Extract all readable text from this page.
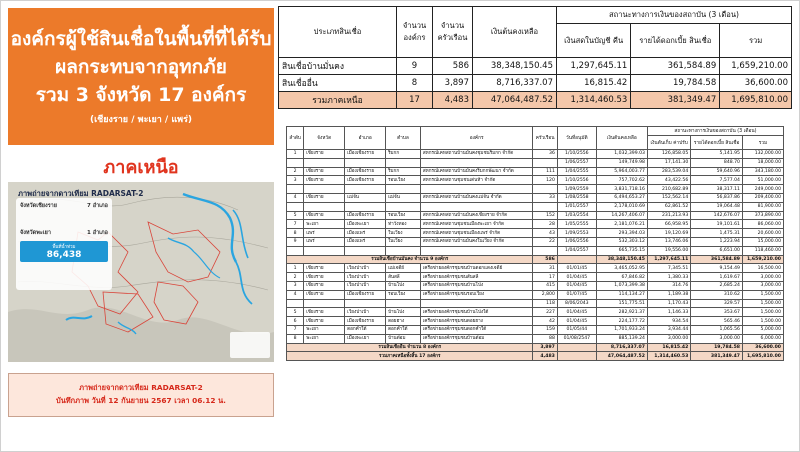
องค์กรผู้ใช้สินเชื่อในพื้นที่ที่ได้รับ
ผลกระทบจากอุทกภัย
รวม 3 จังหวัด 17 องค์กร
(เชียงราย / พะเยา / แพร่)
ภาคเหนือ
ภาพถ่ายจากดาวเทียม RADARSAT-2
จังหวัดเชียงราย	7 อำเภอ

จังหวัดพะเยา	1 อำเภอ
พื้นที่น้ำท่วม
86,438
ภาพถ่ายจากดาวเทียม RADARSAT-2
บันทึกภาพ วันที่ 12 กันยายน 2567 เวลา 06.12 น.
ประเภทสินเชื่อ	จำนวนองค์กร	จำนวนครัวเรือน	เงินต้นคงเหลือ	สถานะทางการเงินของสถาบัน (3 เดือน)		
				เงินสดในบัญชี คืน	รายได้ดอกเบี้ย สินเชื่อ	รวม
สินเชื่อบ้านมั่นคง	9	586	38,348,150.45	1,297,645.11	361,584.89	1,659,210.00
สินเชื่ออื่น	8	3,897	8,716,337.07	16,815.42	19,784.58	36,600.00
รวมภาคเหนือ	17	4,483	47,064,487.52	1,314,460.53	381,349.47	1,695,810.00
ลำดับ	จังหวัด	อำเภอ	ตำบล	องค์กร	ครัวเรือน	วันที่อนุมัติ	เงินต้นคงเหลือ	สถานะทางการเงินของสถาบัน (3 เดือน)		
								เงินต้นเก็บ ค่าปรับ	รายได้ดอกเบี้ย สินเชื่อ	รวม
1	เชียงราย	เมืองเชียงราย	ริมกก	สหกรณ์เคหสถานบ้านมั่นคงชุมชนริมกก จำกัด	36	1/10/2556	1,032,399.03	126,858.05	5,141.95	132,000.00
						1/06/2557	149,749.98	17,141.30	848.70	18,000.00
2	เชียงราย	เมืองเชียงราย	ริมกก	สหกรณ์เคหสถานบ้านมั่นคงริมกกพัฒนา จำกัด	111	1/04/2555	5,964,003.77	283,539.04	59,640.96	343,180.00
3	เชียงราย	เมืองเชียงราย	รอบเวียง	สหกรณ์เคหสถานชุมชนเด่นห้า จำกัด	120	1/10/2556	757,702.62	43,422.56	7,577.04	51,000.00
						1/09/2559	3,831,718.16	210,682.89	38,317.11	249,000.00
4	เชียงราย	แม่จัน	แม่จัน	สหกรณ์เคหสถานบ้านมั่นคงแม่จัน จำกัด	33	1/08/2558	6,494,653.27	152,562.14	56,837.86	209,400.00
						1/01/2557	2,178,010.69	62,861.52	19,064.48	81,900.00
5	เชียงราย	เมืองเชียงราย	รอบเวียง	สหกรณ์เคหสถานบ้านมั่นคงเชียงราย จำกัด	152	1/03/2554	14,267,406.07	231,213.93	142,676.07	373,890.00
7	พะเยา	เมืองพะเยา	ท่าวังทอง	สหกรณ์เคหสถานชุมชนเมืองพะเยา จำกัด	28	1/05/2555	2,181,076.21	66,958.95	19,101.61	86,060.00
8	แพร่	เมืองแพร่	ในเวียง	สหกรณ์เคหสถานชุมชนเมืองแพร่ จำกัด	43	1/09/2553	293,394.03	19,120.69	1,475.31	20,600.00
9	แพร่	เมืองแพร่	ในเวียง	สหกรณ์เคหสถานบ้านมั่นคงในเวียง จำกัด	22	1/06/2556	532,303.12	13,746.06	1,223.94	15,000.00
						1/04/2557	665,735.15	19,556.00	6,651.00	118,460.00
รวมสินเชื่อบ้านมั่นคง จำนวน 9 องค์กร					586		38,348,150.45	1,297,645.11	361,584.89	1,659,210.00
1	เชียงราย	เวียงป่าเป้า	แม่เจดีย์	เครือข่ายองค์กรชุมชนบ้านดอกแดงเจดีย์	31	01/01/45	3,465,052.95	7,345.51	9,154.49	16,500.00
2	เชียงราย	เวียงป่าเป้า	สันสลี	เครือข่ายองค์กรชุมชนสันสลี	17	01/04/45	67,846.82	1,380.33	1,619.67	3,000.00
3	เชียงราย	เวียงป่าเป้า	บ้านโป่ง	เครือข่ายองค์กรชุมชนบ้านโป่ง	415	01/04/45	1,073,399.38	314.76	2,685.24	3,000.00
4	เชียงราย	เมืองเชียงราย	รอบเวียง	เครือข่ายองค์กรชุมชนรอบเวียง	2,800	01/07/45	114,134.27	1,189.38	310.62	1,500.00
					118	8/06/2043	151,775.51	1,170.43	329.57	1,500.00
5	เชียงราย	เวียงป่าเป้า	บ้านโป่ง	เครือข่ายองค์กรชุมชนบ้านโป่งใต้	227	01/04/45	282,921.37	1,146.33	353.67	1,500.00
6	เชียงราย	เมืองเชียงราย	ดอยฮาง	เครือข่ายองค์กรชุมชนดอยฮาง	42	01/04/45	224,177.72	934.54	565.46	1,500.00
7	พะเยา	ดอกคำใต้	ดอกคำใต้	เครือข่ายองค์กรชุมชนดอกคำใต้	159	01/05/44	1,701,933.24	3,934.44	1,065.56	5,000.00
8	พะเยา	เมืองพะเยา	บ้านต๋อม	เครือข่ายองค์กรชุมชนบ้านต๋อม	88	01/08/2547	885,139.24	3,000.00	3,000.00	6,000.00
รวมสินเชื่ออื่น จำนวน 8 องค์กร					3,897		8,716,337.07	16,815.42	19,784.58	36,600.00
รวมภาคเหนือทั้งสิ้น 17 องค์กร					4,483		47,064,487.52	1,314,460.53	381,349.47	1,695,810.00
